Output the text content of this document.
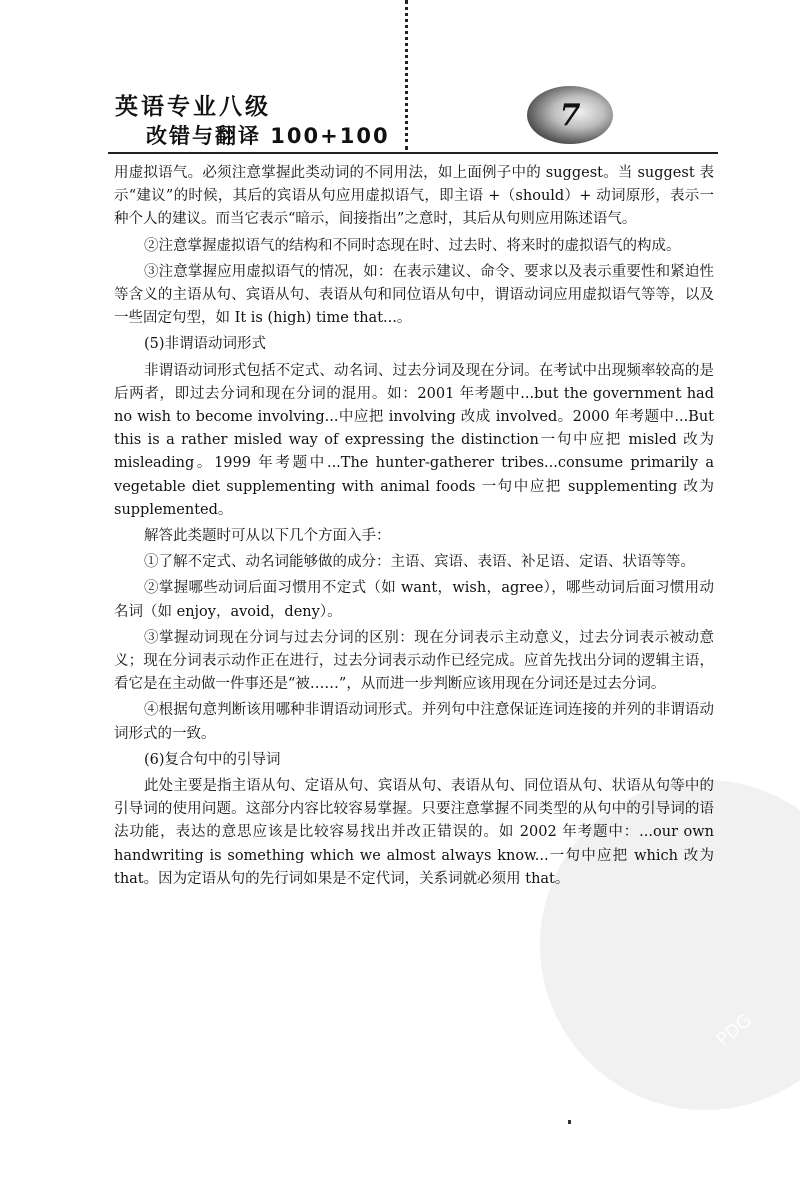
英语专业八级
改错与翻译 100+100
7
PDG

用虚拟语气。必须注意掌握此类动词的不同用法，如上面例子中的 suggest。当 suggest 表示“建议”的时候，其后的宾语从句应用虚拟语气，即主语 +（should）+ 动词原形，表示一种个人的建议。而当它表示“暗示，间接指出”之意时，其后从句则应用陈述语气。

②注意掌握虚拟语气的结构和不同时态现在时、过去时、将来时的虚拟语气的构成。

③注意掌握应用虚拟语气的情况，如：在表示建议、命令、要求以及表示重要性和紧迫性等含义的主语从句、宾语从句、表语从句和同位语从句中，谓语动词应用虚拟语气等等，以及一些固定句型，如 It is (high) time that...。

(5)非谓语动词形式

非谓语动词形式包括不定式、动名词、过去分词及现在分词。在考试中出现频率较高的是后两者，即过去分词和现在分词的混用。如：2001 年考题中...but the government had no wish to become involving...中应把 involving 改成 involved。2000 年考题中...But this is a rather misled way of expressing the distinction一句中应把 misled 改为 misleading。1999 年考题中...The hunter-gatherer tribes...consume primarily a vegetable diet supplementing with animal foods 一句中应把 supplementing 改为 supplemented。

解答此类题时可从以下几个方面入手：

①了解不定式、动名词能够做的成分：主语、宾语、表语、补足语、定语、状语等等。

②掌握哪些动词后面习惯用不定式（如 want，wish，agree），哪些动词后面习惯用动名词（如 enjoy，avoid，deny）。

③掌握动词现在分词与过去分词的区别：现在分词表示主动意义，过去分词表示被动意义；现在分词表示动作正在进行，过去分词表示动作已经完成。应首先找出分词的逻辑主语，看它是在主动做一件事还是“被……”，从而进一步判断应该用现在分词还是过去分词。

④根据句意判断该用哪种非谓语动词形式。并列句中注意保证连词连接的并列的非谓语动词形式的一致。

(6)复合句中的引导词

此处主要是指主语从句、定语从句、宾语从句、表语从句、同位语从句、状语从句等中的引导词的使用问题。这部分内容比较容易掌握。只要注意掌握不同类型的从句中的引导词的语法功能，表达的意思应该是比较容易找出并改正错误的。如 2002 年考题中：...our own handwriting is something which we almost always know...一句中应把 which 改为 that。因为定语从句的先行词如果是不定代词，关系词就必须用 that。
